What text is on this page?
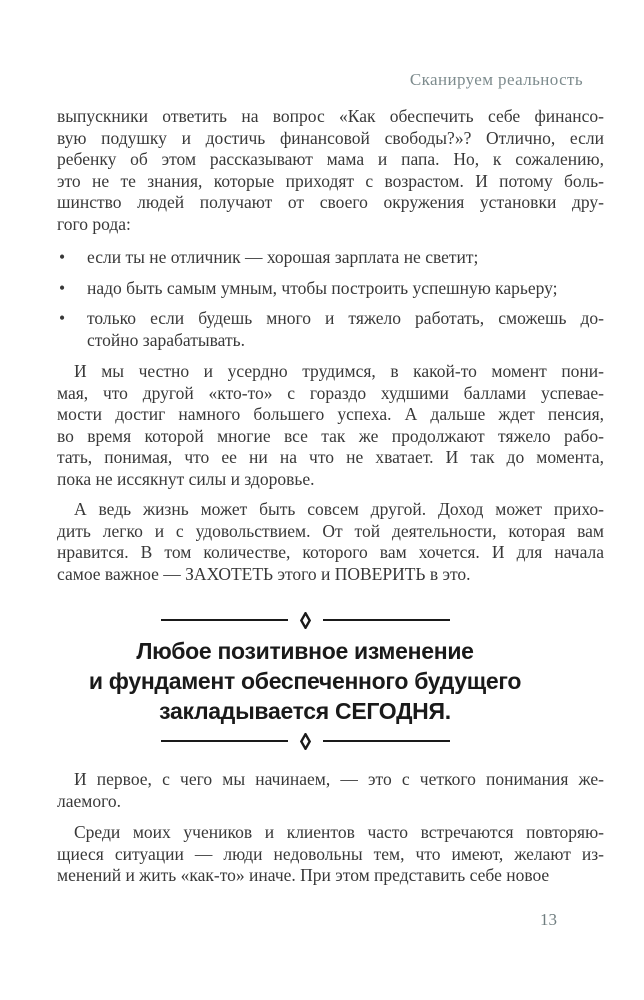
Сканируем реальность
выпускники ответить на вопрос «Как обеспечить себе финансо-
вую подушку и достичь финансовой свободы?»? Отлично, если
ребенку об этом рассказывают мама и папа. Но, к сожалению,
это не те знания, которые приходят с возрастом. И потому боль-
шинство людей получают от своего окружения установки дру-
гого рода:
• если ты не отличник — хорошая зарплата не светит;
• надо быть самым умным, чтобы построить успешную карьеру;
• только если будешь много и тяжело работать, сможешь до-
стойно зарабатывать.
И мы честно и усердно трудимся, в какой-то момент пони-
мая, что другой «кто-то» с гораздо худшими баллами успевае-
мости достиг намного большего успеха. А дальше ждет пенсия,
во время которой многие все так же продолжают тяжело рабо-
тать, понимая, что ее ни на что не хватает. И так до момента,
пока не иссякнут силы и здоровье.
А ведь жизнь может быть совсем другой. Доход может прихо-
дить легко и с удовольствием. От той деятельности, которая вам
нравится. В том количестве, которого вам хочется. И для начала
самое важное — ЗАХОТЕТЬ этого и ПОВЕРИТЬ в это.
Любое позитивное изменение
и фундамент обеспеченного будущего
закладывается СЕГОДНЯ.
И первое, с чего мы начинаем, — это с четкого понимания же-
лаемого.
Среди моих учеников и клиентов часто встречаются повторяю-
щиеся ситуации — люди недовольны тем, что имеют, желают из-
менений и жить «как-то» иначе. При этом представить себе новое
13
